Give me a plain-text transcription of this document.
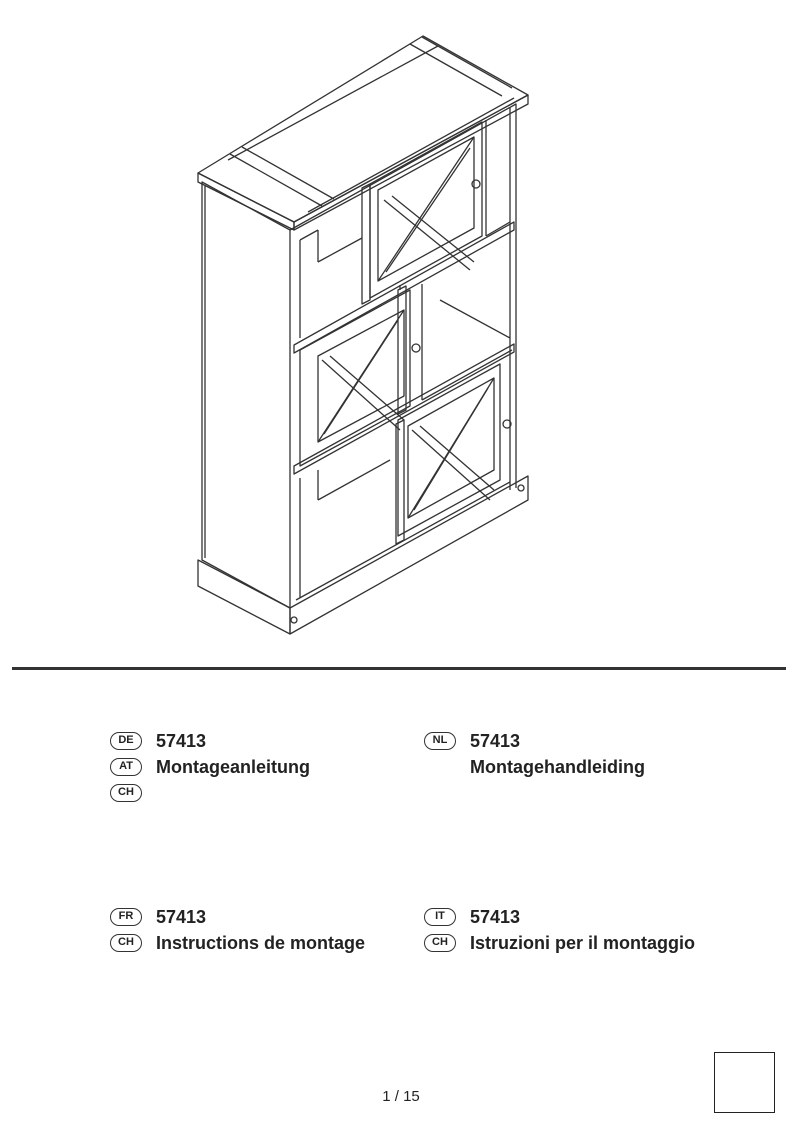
DE	57413
AT	Montageanleitung
CH
NL	57413
Montagehandleiding
FR	57413
CH	Instructions de montage
IT	57413
CH	Istruzioni per il montaggio
1 / 15
